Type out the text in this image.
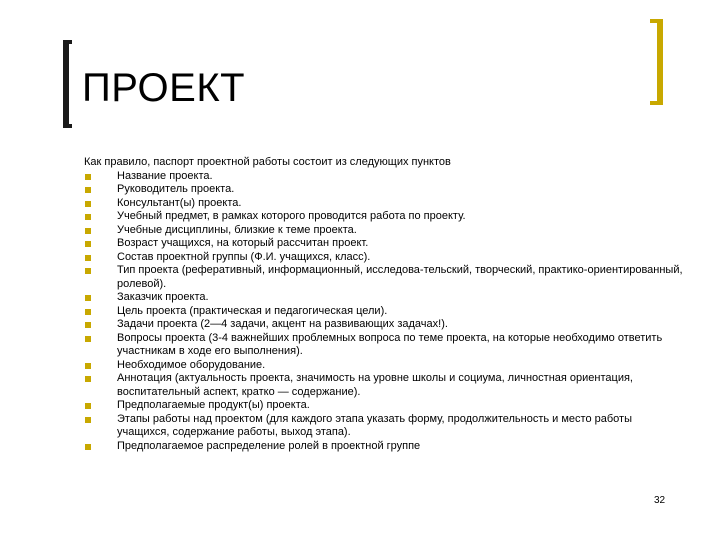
ПРОЕКТ

Как правило, паспорт проектной работы состоит из следующих пунктов

Название проекта.
Руководитель проекта.
Консультант(ы) проекта.
Учебный предмет, в рамках которого проводится работа по проекту.
Учебные дисциплины, близкие к теме проекта.
Возраст учащихся, на который рассчитан проект.
Состав проектной группы (Ф.И. учащихся, класс).
Тип проекта (реферативный, информационный, исследова-тельский, творческий, практико-ориентированный, ролевой).
Заказчик проекта.
Цель проекта (практическая и педагогическая цели).
Задачи проекта (2—4 задачи, акцент на развивающих задачах!).
Вопросы проекта (3-4 важнейших проблемных вопроса по теме проекта, на которые необходимо ответить участникам в ходе его выполнения).
Необходимое оборудование.
Аннотация (актуальность проекта, значимость на уровне школы и социума, личностная ориентация, воспитательный аспект, кратко — содержание).
Предполагаемые продукт(ы) проекта.
Этапы работы над проектом (для каждого этапа указать форму, продолжительность и место работы учащихся, содержание работы, выход этапа).
Предполагаемое распределение ролей в проектной группе
32
